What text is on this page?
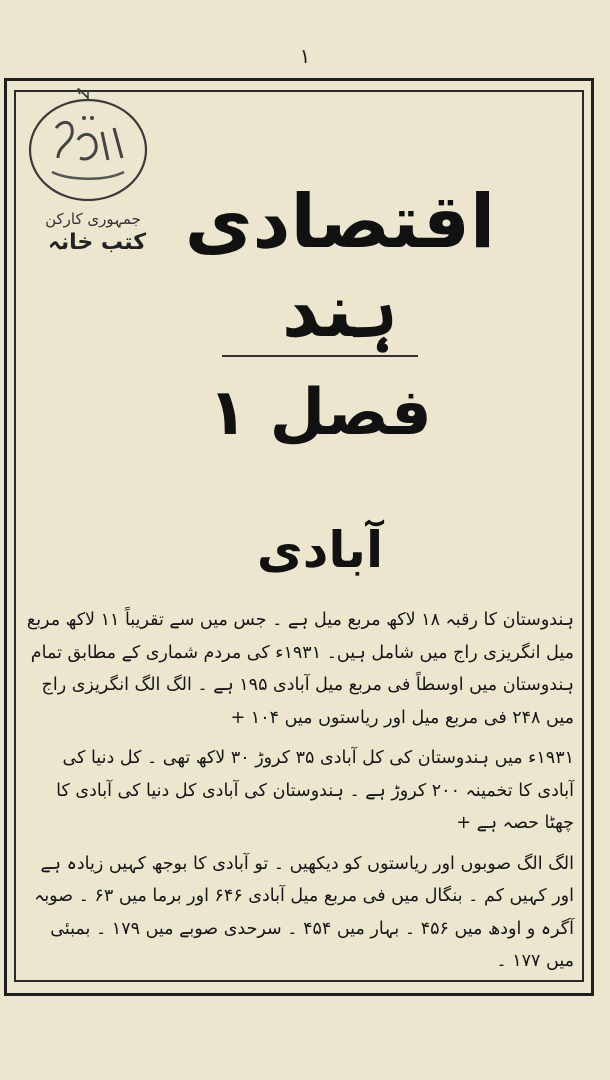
۱
جمہوری کارکن
کتب خانہ اقتصادی ہند
فصل ۱
آبادی

ہندوستان کا رقبہ ۱۸ لاکھ مربع میل ہے ۔ جس میں سے تقریباً ۱۱ لاکھ مربع میل انگریزی راج میں شامل ہیں۔ ۱۹۳۱ء کی مردم شماری کے مطابق تمام ہندوستان میں اوسطاً فی مربع میل آبادی ۱۹۵ ہے ۔ الگ الگ انگریزی راج میں ۲۴۸ فی مربع میل اور ریاستوں میں ۱۰۴ +

۱۹۳۱ء میں ہندوستان کی کل آبادی ۳۵ کروڑ ۳۰ لاکھ تھی ۔ کل دنیا کی آبادی کا تخمینہ ۲۰۰ کروڑ ہے ۔ ہندوستان کی آبادی کل دنیا کی آبادی کا چھٹا حصہ ہے +

الگ الگ صوبوں اور ریاستوں کو دیکھیں ۔ تو آبادی کا بوجھ کہیں زیادہ ہے اور کہیں کم ۔ بنگال میں فی مربع میل آبادی ۶۴۶ اور برما میں ۶۳ ۔ صوبہ آگرہ و اودھ میں ۴۵۶ ۔ بہار میں ۴۵۴ ۔ سرحدی صوبے میں ۱۷۹ ۔ بمبئی میں ۱۷۷ ۔
